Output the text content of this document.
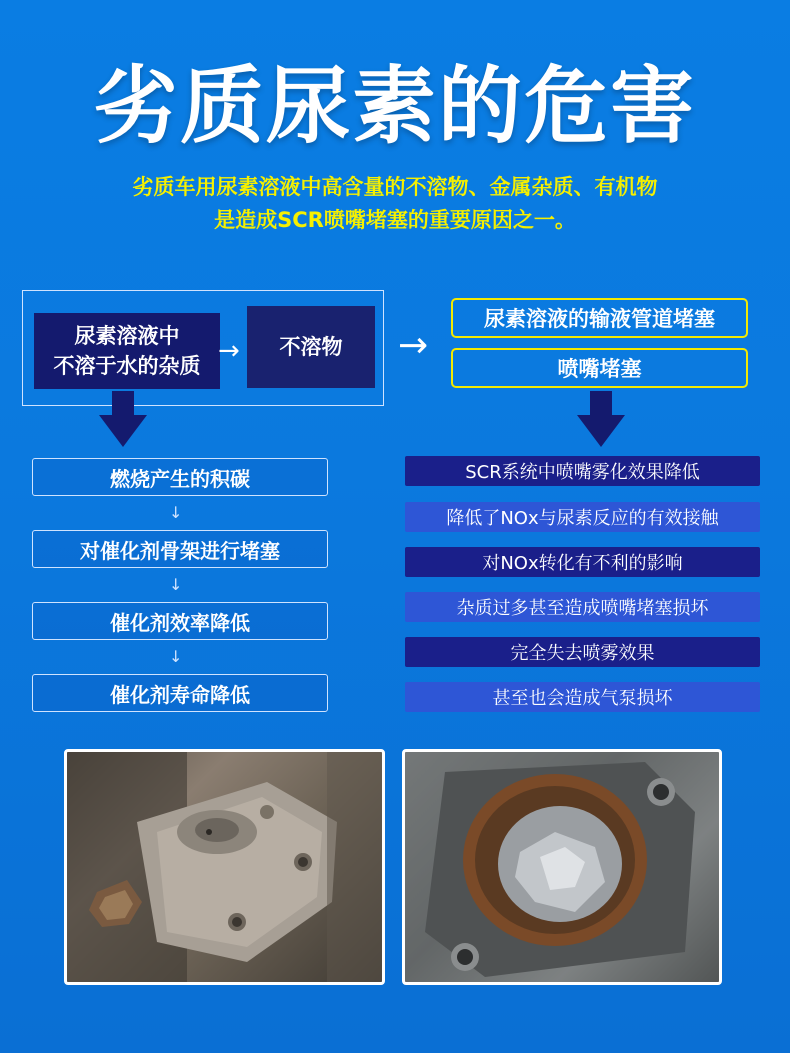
劣质尿素的危害
劣质车用尿素溶液中高含量的不溶物、金属杂质、有机物
是造成SCR喷嘴堵塞的重要原因之一。
尿素溶液中
不溶于水的杂质 →	不溶物	→
尿素溶液的输液管道堵塞
喷嘴堵塞
燃烧产生的积碳
↓
对催化剂骨架进行堵塞
↓
催化剂效率降低
↓
催化剂寿命降低
SCR系统中喷嘴雾化效果降低
降低了NOx与尿素反应的有效接触
对NOx转化有不利的影响
杂质过多甚至造成喷嘴堵塞损坏
完全失去喷雾效果
甚至也会造成气泵损坏
